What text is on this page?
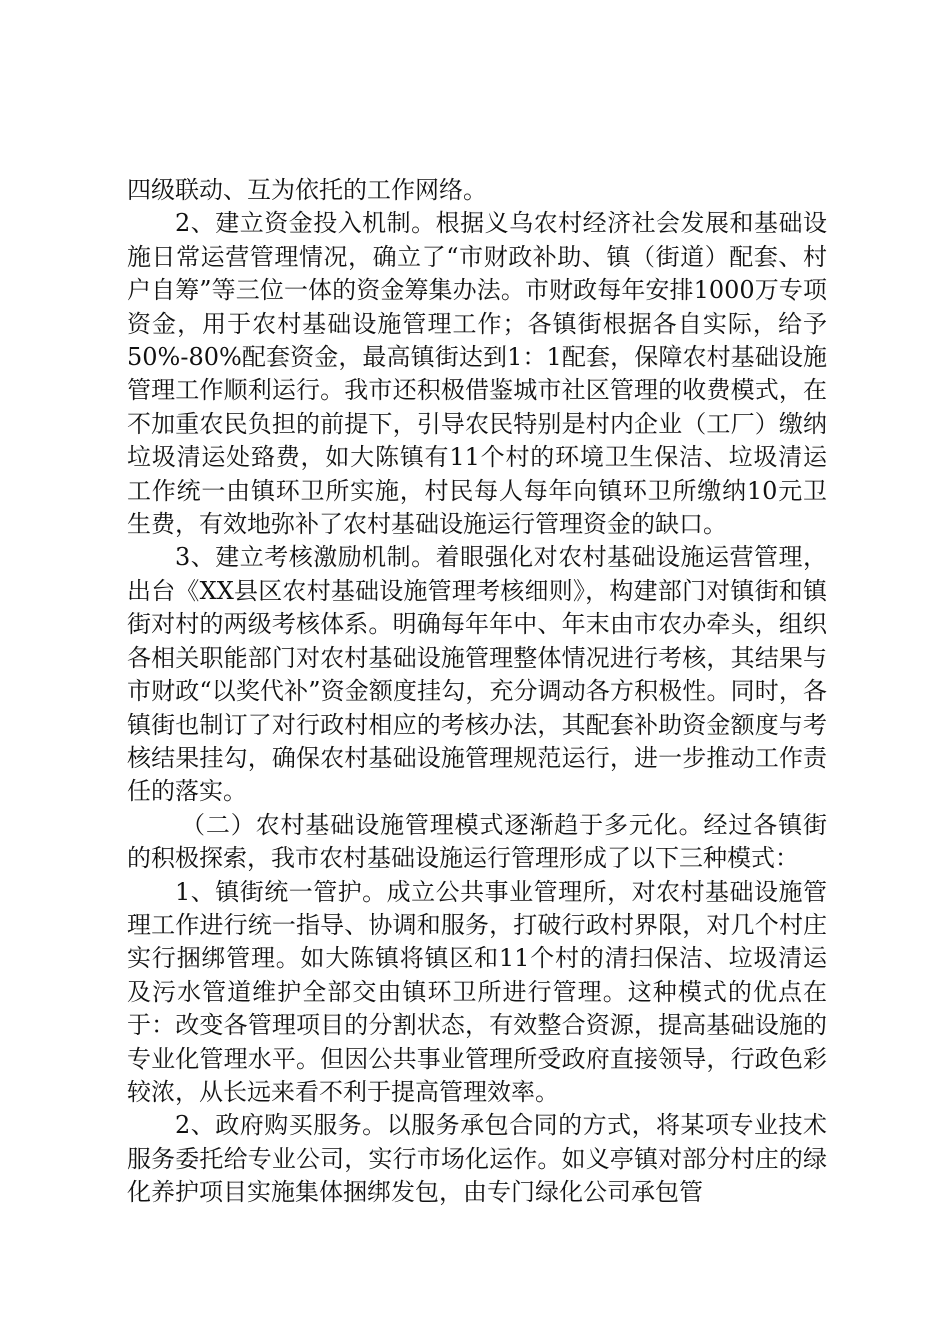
四级联动、互为依托的工作网络。

2、建立资金投入机制。根据义乌农村经济社会发展和基础设施日常运营管理情况，确立了“市财政补助、镇（街道）配套、村户自筹”等三位一体的资金筹集办法。市财政每年安排1000万专项资金，用于农村基础设施管理工作；各镇街根据各自实际，给予50%-80%配套资金，最高镇街达到1：1配套，保障农村基础设施管理工作顺利运行。我市还积极借鉴城市社区管理的收费模式，在不加重农民负担的前提下，引导农民特别是村内企业（工厂）缴纳垃圾清运处臵费，如大陈镇有11个村的环境卫生保洁、垃圾清运工作统一由镇环卫所实施，村民每人每年向镇环卫所缴纳10元卫生费，有效地弥补了农村基础设施运行管理资金的缺口。

3、建立考核激励机制。着眼强化对农村基础设施运营管理，出台《XX县区农村基础设施管理考核细则》，构建部门对镇街和镇街对村的两级考核体系。明确每年年中、年末由市农办牵头，组织各相关职能部门对农村基础设施管理整体情况进行考核，其结果与市财政“以奖代补”资金额度挂勾，充分调动各方积极性。同时，各镇街也制订了对行政村相应的考核办法，其配套补助资金额度与考核结果挂勾，确保农村基础设施管理规范运行，进一步推动工作责任的落实。

（二）农村基础设施管理模式逐渐趋于多元化。经过各镇街的积极探索，我市农村基础设施运行管理形成了以下三种模式：

1、镇街统一管护。成立公共事业管理所，对农村基础设施管理工作进行统一指导、协调和服务，打破行政村界限，对几个村庄实行捆绑管理。如大陈镇将镇区和11个村的清扫保洁、垃圾清运及污水管道维护全部交由镇环卫所进行管理。这种模式的优点在于：改变各管理项目的分割状态，有效整合资源，提高基础设施的专业化管理水平。但因公共事业管理所受政府直接领导，行政色彩较浓，从长远来看不利于提高管理效率。

2、政府购买服务。以服务承包合同的方式，将某项专业技术服务委托给专业公司，实行市场化运作。如义亭镇对部分村庄的绿化养护项目实施集体捆绑发包，由专门绿化公司承包管
